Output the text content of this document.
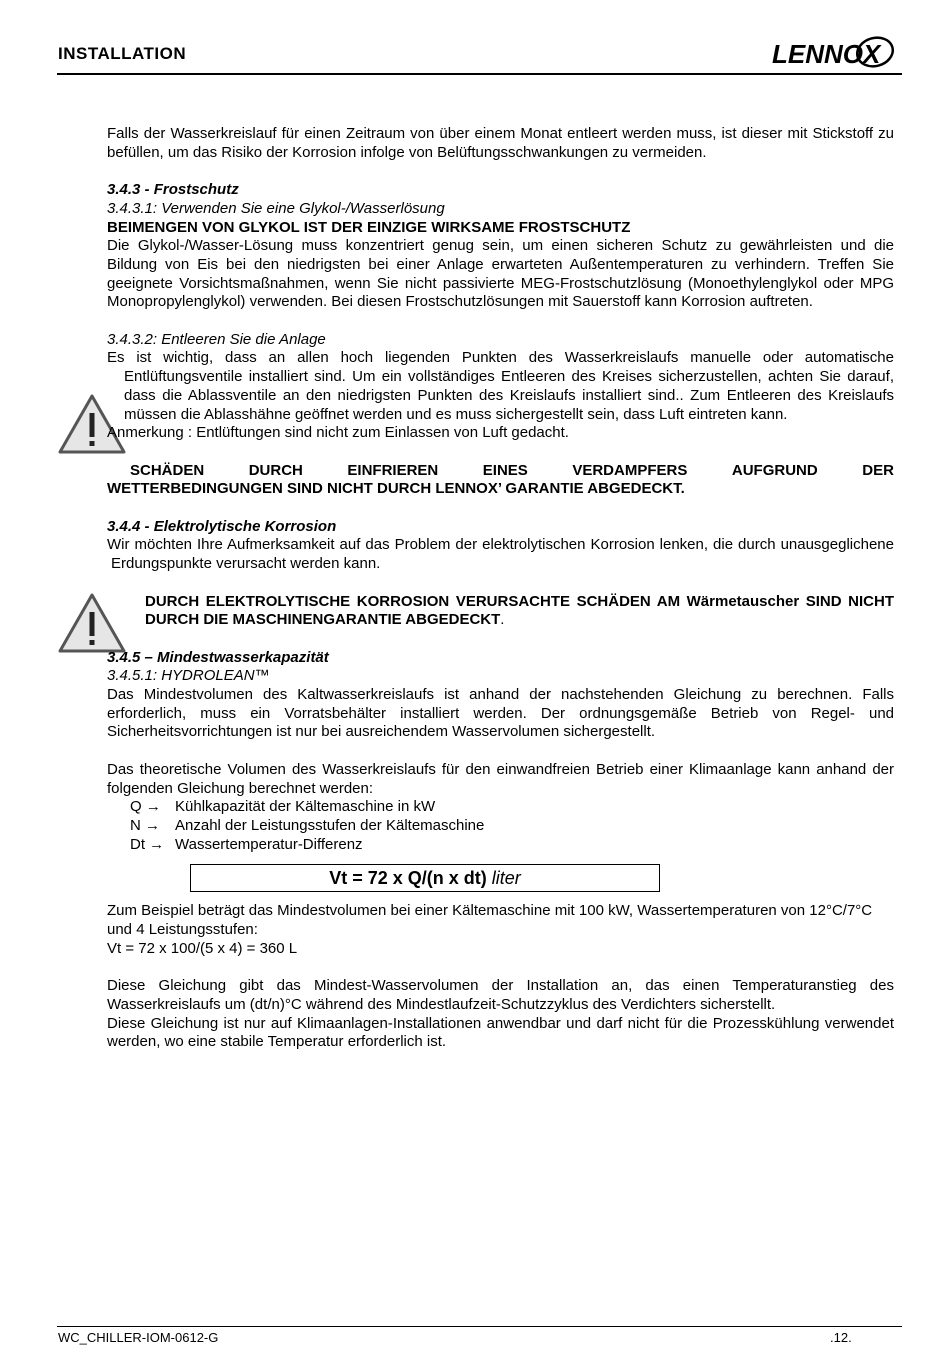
INSTALLATION	LENNOX

Falls der Wasserkreislauf für einen Zeitraum von über einem Monat entleert werden muss, ist dieser mit Stickstoff zu befüllen, um das Risiko der Korrosion infolge von Belüftungsschwankungen zu vermeiden.

3.4.3 - Frostschutz

3.4.3.1: Verwenden Sie eine Glykol-/Wasserlösung

BEIMENGEN VON GLYKOL IST DER EINZIGE WIRKSAME FROSTSCHUTZ

Die Glykol-/Wasser-Lösung muss konzentriert genug sein, um einen sicheren Schutz zu gewährleisten und die Bildung von Eis bei den niedrigsten bei einer Anlage erwarteten Außentemperaturen zu verhindern. Treffen Sie geeignete Vorsichtsmaßnahmen, wenn Sie nicht passivierte MEG-Frostschutzlösung (Monoethylenglykol oder MPG Monopropylenglykol) verwenden. Bei diesen Frostschutzlösungen mit Sauerstoff kann Korrosion auftreten.

3.4.3.2: Entleeren Sie die Anlage

Es ist wichtig, dass an allen hoch liegenden Punkten des Wasserkreislaufs manuelle oder automatische Entlüftungsventile installiert sind. Um ein vollständiges Entleeren des Kreises sicherzustellen, achten Sie darauf, dass die Ablassventile an den niedrigsten Punkten des Kreislaufs installiert sind.. Zum Entleeren des Kreislaufs müssen die Ablasshähne geöffnet werden und es muss sichergestellt sein, dass Luft eintreten kann.

Anmerkung : Entlüftungen sind nicht zum Einlassen von Luft gedacht.

SCHÄDEN	DURCH	EINFRIEREN	EINES	VERDAMPFERS	AUFGRUND	DER

WETTERBEDINGUNGEN SIND NICHT DURCH LENNOX’ GARANTIE ABGEDECKT.

3.4.4 - Elektrolytische Korrosion

Wir möchten Ihre Aufmerksamkeit auf das Problem der elektrolytischen Korrosion lenken, die durch unausgeglichene Erdungspunkte verursacht werden kann.

DURCH ELEKTROLYTISCHE KORROSION VERURSACHTE SCHÄDEN AM Wärmetauscher SIND NICHT DURCH DIE MASCHINENGARANTIE ABGEDECKT.

3.4.5 – Mindestwasserkapazität

3.4.5.1: HYDROLEAN™

Das Mindestvolumen des Kaltwasserkreislaufs ist anhand der nachstehenden Gleichung zu berechnen. Falls erforderlich, muss ein Vorratsbehälter installiert werden. Der ordnungsgemäße Betrieb von Regel- und Sicherheitsvorrichtungen ist nur bei ausreichendem Wasservolumen sichergestellt.

Das theoretische Volumen des Wasserkreislaufs für den einwandfreien Betrieb einer Klimaanlage kann anhand der folgenden Gleichung berechnet werden:

Q → Kühlkapazität der Kältemaschine in kW
N →	Anzahl der Leistungsstufen der Kältemaschine
Dt → Wassertemperatur-Differenz
Vt = 72 x Q/(n x dt)
liter

Zum Beispiel beträgt das Mindestvolumen bei einer Kältemaschine mit 100 kW, Wassertemperaturen von 12°C/7°C und 4 Leistungsstufen:

Vt = 72 x 100/(5 x 4) = 360 L

Diese Gleichung gibt das Mindest-Wasservolumen der Installation an, das einen Temperaturanstieg des Wasserkreislaufs um (dt/n)°C während des Mindestlaufzeit-Schutzzyklus des Verdichters sicherstellt.

Diese Gleichung ist nur auf Klimaanlagen-Installationen anwendbar und darf nicht für die Prozesskühlung verwendet werden, wo eine stabile Temperatur erforderlich ist.

WC_CHILLER-IOM-0612-G	.12.
